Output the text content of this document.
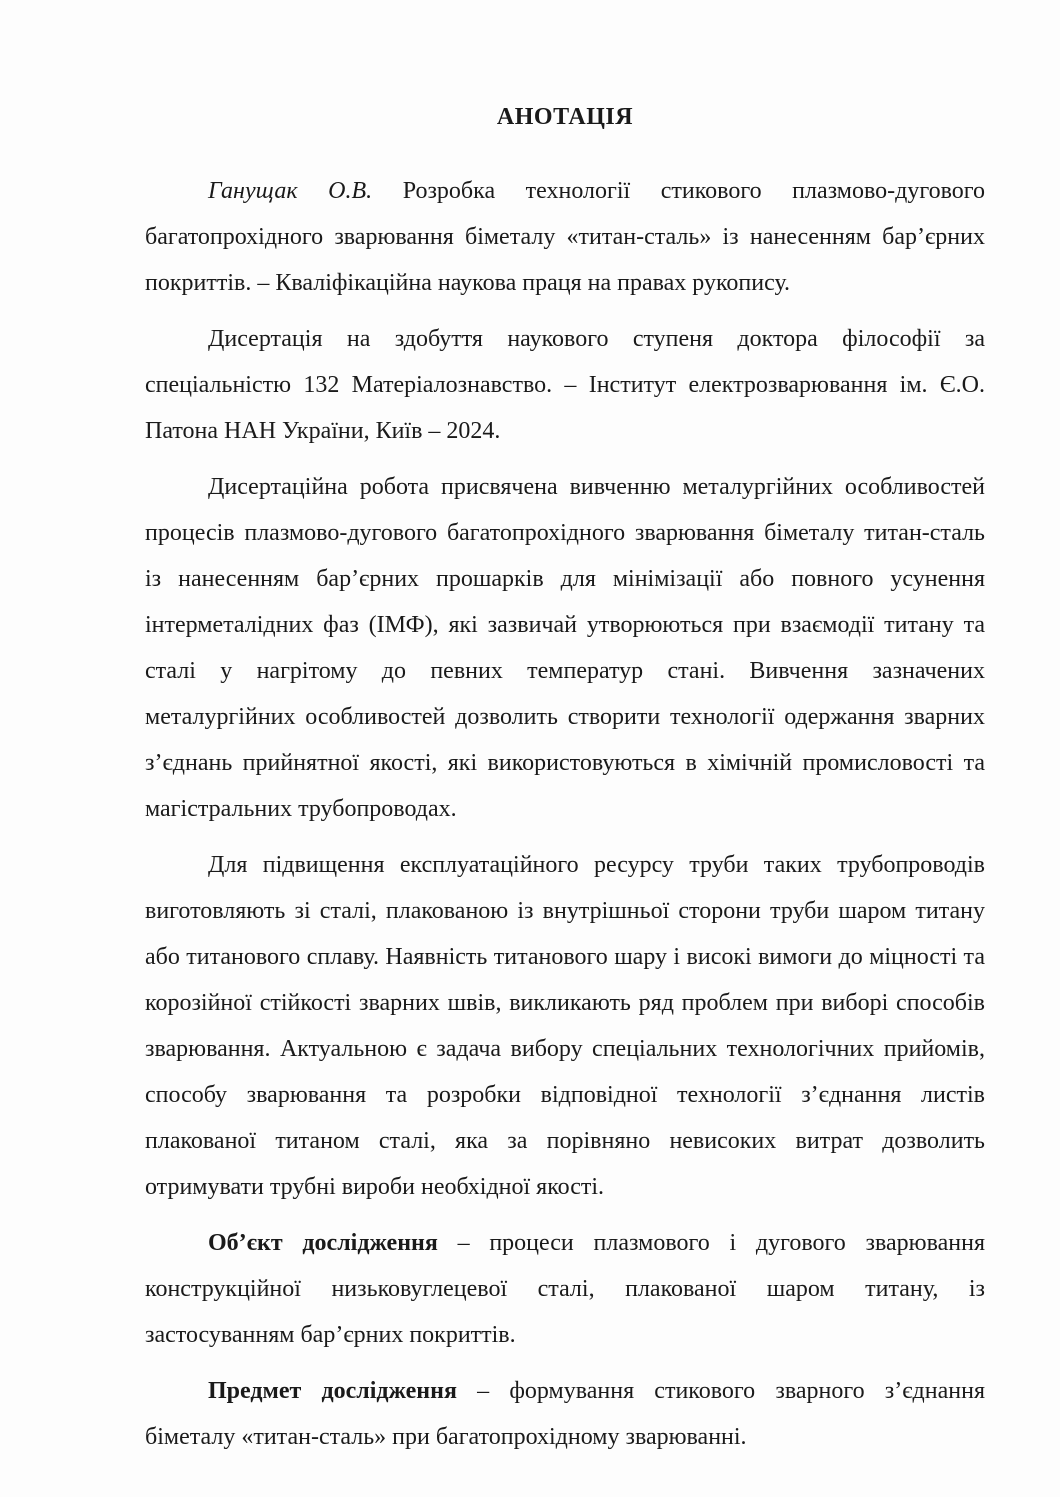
АНОТАЦІЯ

Ганущак О.В. Розробка технології стикового плазмово-дугового багатопрохідного зварювання біметалу «титан-сталь» із нанесенням бар’єрних покриттів. – Кваліфікаційна наукова праця на правах рукопису.

Дисертація на здобуття наукового ступеня доктора філософії за спеціальністю 132 Матеріалознавство. – Інститут електрозварювання ім. Є.О. Патона НАН України, Київ – 2024.

Дисертаційна робота присвячена вивченню металургійних особливостей процесів плазмово-дугового багатопрохідного зварювання біметалу титан-сталь із нанесенням бар’єрних прошарків для мінімізації або повного усунення інтерметалідних фаз (ІМФ), які зазвичай утворюються при взаємодії титану та сталі у нагрітому до певних температур стані. Вивчення зазначених металургійних особливостей дозволить створити технології одержання зварних з’єднань прийнятної якості, які використовуються в хімічній промисловості та магістральних трубопроводах.

Для підвищення експлуатаційного ресурсу труби таких трубопроводів виготовляють зі сталі, плакованою із внутрішньої сторони труби шаром титану або титанового сплаву. Наявність титанового шару і високі вимоги до міцності та корозійної стійкості зварних швів, викликають ряд проблем при виборі способів зварювання. Актуальною є задача вибору спеціальних технологічних прийомів, способу зварювання та розробки відповідної технології з’єднання листів плакованої титаном сталі, яка за порівняно невисоких витрат дозволить отримувати трубні вироби необхідної якості.

Об’єкт дослідження – процеси плазмового і дугового зварювання конструкційної низьковуглецевої сталі, плакованої шаром титану, із застосуванням бар’єрних покриттів.

Предмет дослідження – формування стикового зварного з’єднання біметалу «титан-сталь» при багатопрохідному зварюванні.
